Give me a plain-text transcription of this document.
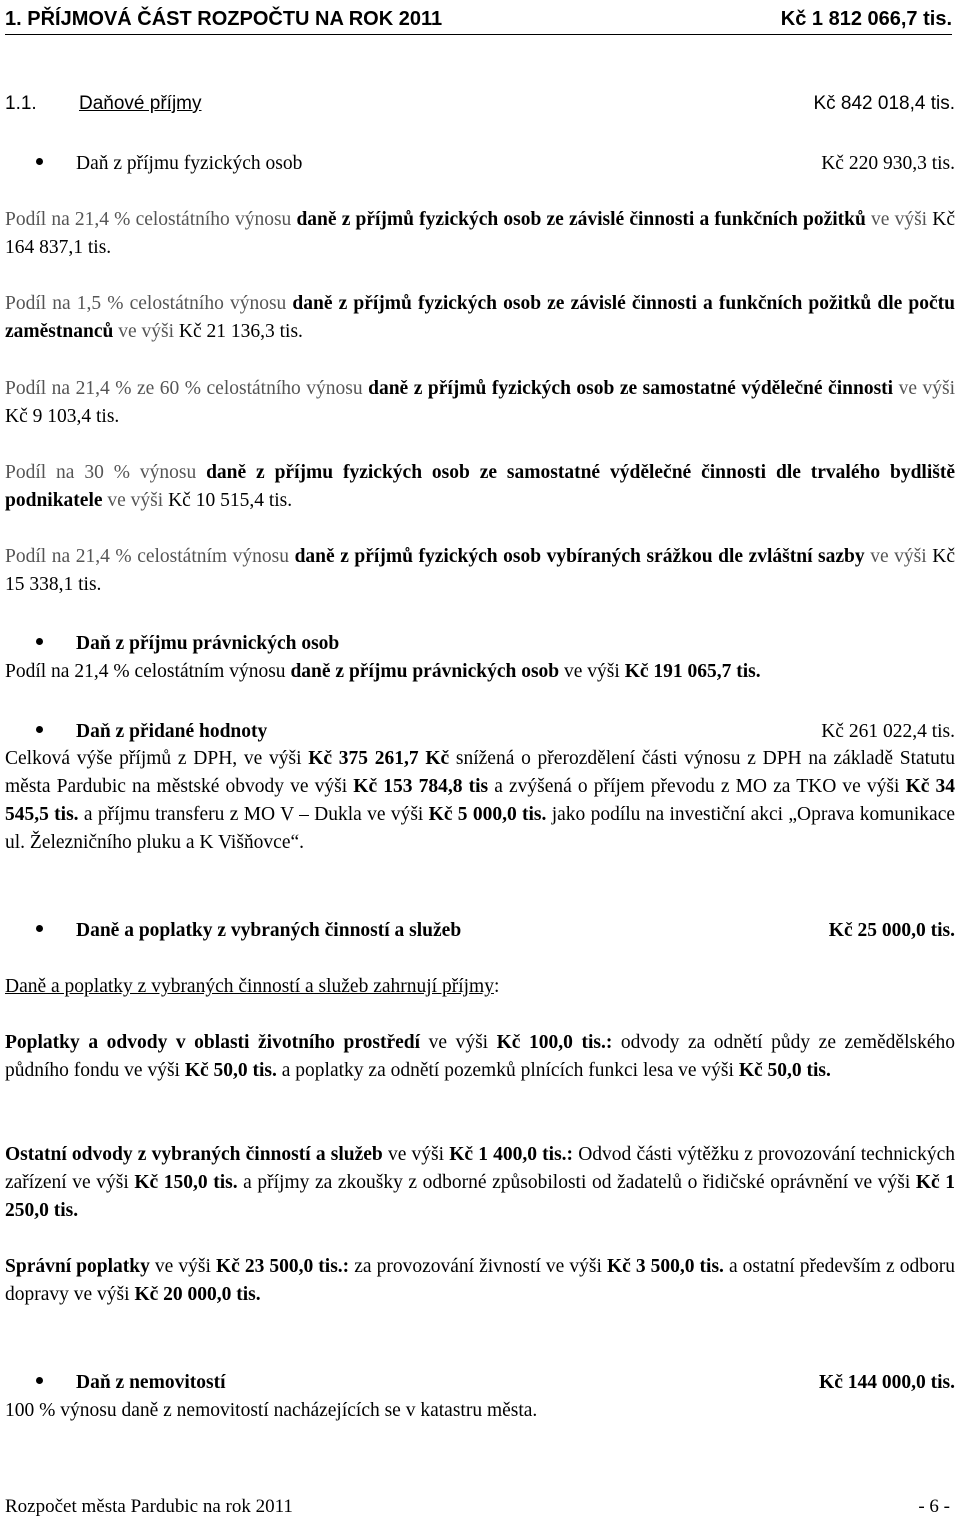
1. PŘÍJMOVÁ ČÁST ROZPOČTU NA ROK 2011	Kč 1 812 066,7 tis.
1.1. Daňové příjmy	Kč 842 018,4 tis.
Daň z příjmu fyzických osob	Kč 220 930,3 tis.
Podíl na 21,4 % celostátního výnosu daně z příjmů fyzických osob ze závislé činnosti a funkčních požitků ve výši Kč 164 837,1 tis.
Podíl na 1,5 % celostátního výnosu daně z příjmů fyzických osob ze závislé činnosti a funkčních požitků dle počtu zaměstnanců ve výši Kč 21 136,3 tis.
Podíl na 21,4 % ze 60 % celostátního výnosu daně z příjmů fyzických osob ze samostatné výdělečné činnosti ve výši Kč 9 103,4 tis.
Podíl na 30 % výnosu daně z příjmu fyzických osob ze samostatné výdělečné činnosti dle trvalého bydliště podnikatele ve výši Kč 10 515,4 tis.
Podíl na 21,4 % celostátním výnosu daně z příjmů fyzických osob vybíraných srážkou dle zvláštní sazby ve výši Kč 15 338,1 tis.
Daň z příjmu právnických osob
Podíl na 21,4 % celostátním výnosu daně z příjmu právnických osob ve výši Kč 191 065,7 tis.
Daň z přidané hodnoty	Kč 261 022,4 tis.
Celková výše příjmů z DPH, ve výši Kč 375 261,7 Kč snížená o přerozdělení části výnosu z DPH na základě Statutu města Pardubic na městské obvody ve výši Kč 153 784,8 tis a zvýšená o příjem převodu z MO za TKO ve výši Kč 34 545,5 tis. a příjmu transferu z MO V – Dukla ve výši Kč 5 000,0 tis. jako podílu na investiční akci „Oprava komunikace ul. Železničního pluku a K Višňovce“.
Daně a poplatky z vybraných činností a služeb	Kč 25 000,0 tis.
Daně a poplatky z vybraných činností a služeb zahrnují příjmy:
Poplatky a odvody v oblasti životního prostředí ve výši Kč 100,0 tis.: odvody za odnětí půdy ze zemědělského půdního fondu ve výši Kč 50,0 tis. a poplatky za odnětí pozemků plnících funkci lesa ve výši Kč 50,0 tis.
Ostatní odvody z vybraných činností a služeb ve výši Kč 1 400,0 tis.: Odvod části výtěžku z provozování technických zařízení ve výši Kč 150,0 tis. a příjmy za zkoušky z odborné způsobilosti od žadatelů o řidičské oprávnění ve výši Kč 1 250,0 tis.
Správní poplatky ve výši Kč 23 500,0 tis.: za provozování živností ve výši Kč 3 500,0 tis. a ostatní především z odboru dopravy ve výši Kč 20 000,0 tis.
Daň z nemovitostí	Kč 144 000,0 tis.
100 % výnosu daně z nemovitostí nacházejících se v katastru města.
Rozpočet města Pardubic na rok 2011	- 6 -
